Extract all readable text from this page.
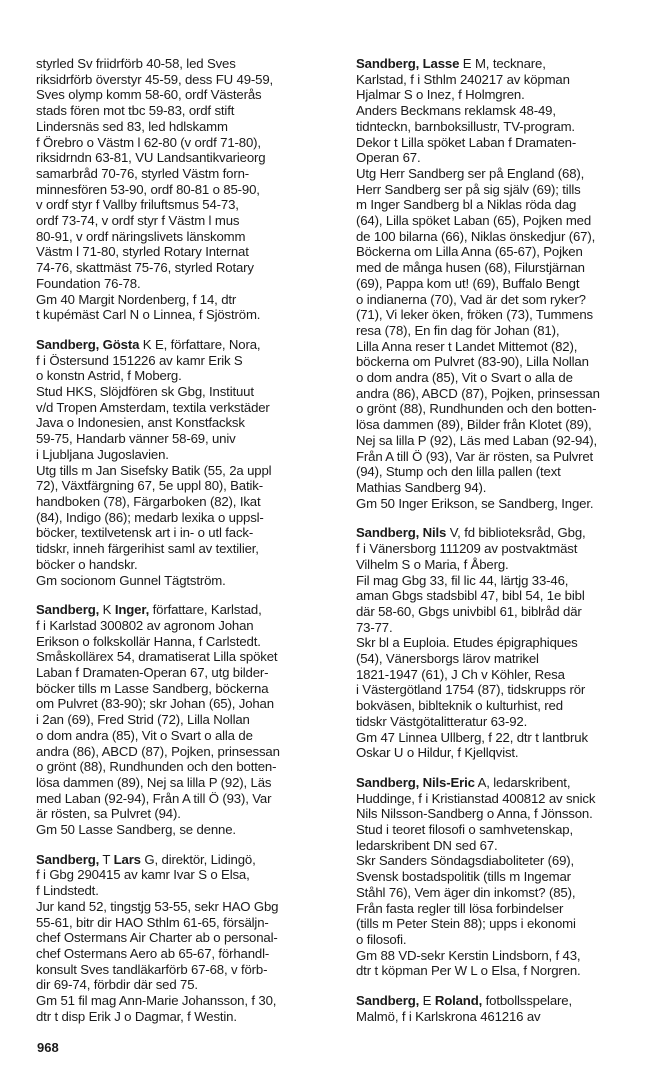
styrled Sv friidrförb 40-58, led Sves
riksidrförb överstyr 45-59, dess FU 49-59,
Sves olymp komm 58-60, ordf Västerås
stads fören mot tbc 59-83, ordf stift
Lindersnäs sed 83, led hdlskamm
f Örebro o Västm l 62-80 (v ordf 71-80),
riksidrndn 63-81, VU Landsantikvarieorg
samarbråd 70-76, styrled Västm forn-
minnesfören 53-90, ordf 80-81 o 85-90,
v ordf styr f Vallby friluftsmus 54-73,
ordf 73-74, v ordf styr f Västm l mus
80-91, v ordf näringslivets länskomm
Västm l 71-80, styrled Rotary Internat
74-76, skattmäst 75-76, styrled Rotary
Foundation 76-78.
Gm 40 Margit Nordenberg, f 14, dtr
t kupémäst Carl N o Linnea, f Sjöström.
Sandberg, Gösta K E, författare, Nora,
f i Östersund 151226 av kamr Erik S
o konstn Astrid, f Moberg.
Stud HKS, Slöjdfören sk Gbg, Instituut
v/d Tropen Amsterdam, textila verkstäder
Java o Indonesien, anst Konstfacksk
59-75, Handarb vänner 58-69, univ
i Ljubljana Jugoslavien.
Utg tills m Jan Sisefsky Batik (55, 2a uppl
72), Växtfärgning 67, 5e uppl 80), Batik-
handboken (78), Färgarboken (82), Ikat
(84), Indigo (86); medarb lexika o uppsl-
böcker, textilvetensk art i in- o utl fack-
tidskr, inneh färgerihist saml av textilier,
böcker o handskr.
Gm socionom Gunnel Tägtström.
Sandberg, K Inger, författare, Karlstad,
f i Karlstad 300802 av agronom Johan
Erikson o folkskollär Hanna, f Carlstedt.
Småskollärex 54, dramatiserat Lilla spöket
Laban f Dramaten-Operan 67, utg bilder-
böcker tills m Lasse Sandberg, böckerna
om Pulvret (83-90); skr Johan (65), Johan
i 2an (69), Fred Strid (72), Lilla Nollan
o dom andra (85), Vit o Svart o alla de
andra (86), ABCD (87), Pojken, prinsessan
o grönt (88), Rundhunden och den botten-
lösa dammen (89), Nej sa lilla P (92), Läs
med Laban (92-94), Från A till Ö (93), Var
är rösten, sa Pulvret (94).
Gm 50 Lasse Sandberg, se denne.
Sandberg, T Lars G, direktör, Lidingö,
f i Gbg 290415 av kamr Ivar S o Elsa,
f Lindstedt.
Jur kand 52, tingstjg 53-55, sekr HAO Gbg
55-61, bitr dir HAO Sthlm 61-65, försäljn-
chef Ostermans Air Charter ab o personal-
chef Ostermans Aero ab 65-67, förhandl-
konsult Sves tandläkarförb 67-68, v förb-
dir 69-74, förbdir där sed 75.
Gm 51 fil mag Ann-Marie Johansson, f 30,
dtr t disp Erik J o Dagmar, f Westin.
Sandberg, Lasse E M, tecknare,
Karlstad, f i Sthlm 240217 av köpman
Hjalmar S o Inez, f Holmgren.
Anders Beckmans reklamsk 48-49,
tidnteckn, barnboksillustr, TV-program.
Dekor t Lilla spöket Laban f Dramaten-
Operan 67.
Utg Herr Sandberg ser på England (68),
Herr Sandberg ser på sig själv (69); tills
m Inger Sandberg bl a Niklas röda dag
(64), Lilla spöket Laban (65), Pojken med
de 100 bilarna (66), Niklas önskedjur (67),
Böckerna om Lilla Anna (65-67), Pojken
med de många husen (68), Filurstjärnan
(69), Pappa kom ut! (69), Buffalo Bengt
o indianerna (70), Vad är det som ryker?
(71), Vi leker öken, fröken (73), Tummens
resa (78), En fin dag för Johan (81),
Lilla Anna reser t Landet Mittemot (82),
böckerna om Pulvret (83-90), Lilla Nollan
o dom andra (85), Vit o Svart o alla de
andra (86), ABCD (87), Pojken, prinsessan
o grönt (88), Rundhunden och den botten-
lösa dammen (89), Bilder från Klotet (89),
Nej sa lilla P (92), Läs med Laban (92-94),
Från A till Ö (93), Var är rösten, sa Pulvret
(94), Stump och den lilla pallen (text
Mathias Sandberg 94).
Gm 50 Inger Erikson, se Sandberg, Inger.
Sandberg, Nils V, fd biblioteksråd, Gbg,
f i Vänersborg 111209 av postvaktmäst
Vilhelm S o Maria, f Åberg.
Fil mag Gbg 33, fil lic 44, lärtjg 33-46,
aman Gbgs stadsbibl 47, bibl 54, 1e bibl
där 58-60, Gbgs univbibl 61, biblråd där
73-77.
Skr bl a Euploia. Etudes épigraphiques
(54), Vänersborgs lärov matrikel
1821-1947 (61), J Ch v Köhler, Resa
i Västergötland 1754 (87), tidskrupps rör
bokväsen, biblteknik o kulturhist, red
tidskr Västgötalitteratur 63-92.
Gm 47 Linnea Ullberg, f 22, dtr t lantbruk
Oskar U o Hildur, f Kjellqvist.
Sandberg, Nils-Eric A, ledarskribent,
Huddinge, f i Kristianstad 400812 av snick
Nils Nilsson-Sandberg o Anna, f Jönsson.
Stud i teoret filosofi o samhvetenskap,
ledarskribent DN sed 67.
Skr Sanders Söndagsdiaboliteter (69),
Svensk bostadspolitik (tills m Ingemar
Ståhl 76), Vem äger din inkomst? (85),
Från fasta regler till lösa forbindelser
(tills m Peter Stein 88); upps i ekonomi
o filosofi.
Gm 88 VD-sekr Kerstin Lindsborn, f 43,
dtr t köpman Per W L o Elsa, f Norgren.
Sandberg, E Roland, fotbollsspelare,
Malmö, f i Karlskrona 461216 av
968
